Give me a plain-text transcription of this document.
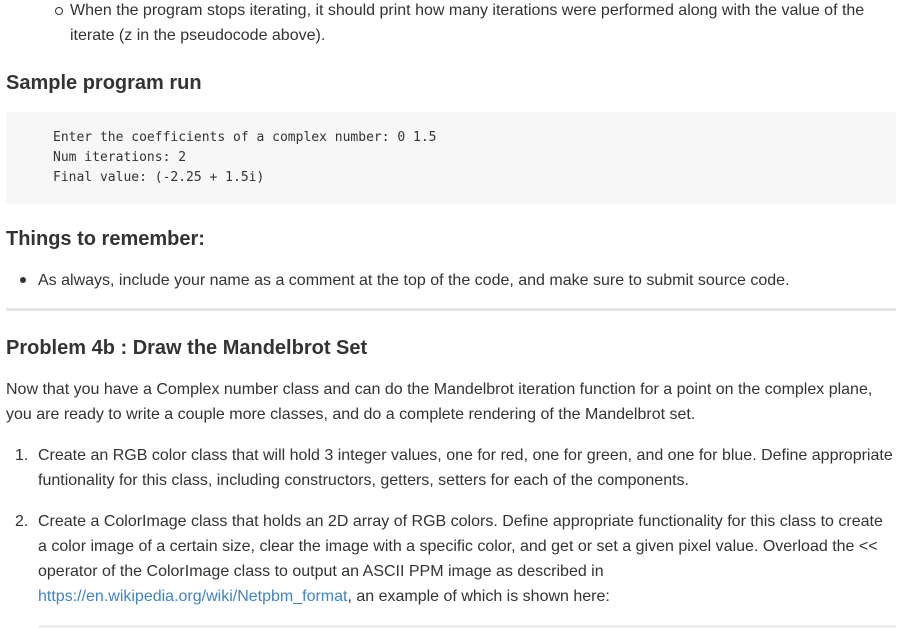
When the program stops iterating, it should print how many iterations were performed along with the value of the iterate (z in the pseudocode above).
Sample program run
Enter the coefficients of a complex number: 0 1.5
Num iterations: 2
Final value: (-2.25 + 1.5i)
Things to remember:
As always, include your name as a comment at the top of the code, and make sure to submit source code.
Problem 4b : Draw the Mandelbrot Set
Now that you have a Complex number class and can do the Mandelbrot iteration function for a point on the complex plane, you are ready to write a couple more classes, and do a complete rendering of the Mandelbrot set.
1. Create an RGB color class that will hold 3 integer values, one for red, one for green, and one for blue. Define appropriate funtionality for this class, including constructors, getters, setters for each of the components.
2. Create a ColorImage class that holds an 2D array of RGB colors. Define appropriate functionality for this class to create a color image of a certain size, clear the image with a specific color, and get or set a given pixel value. Overload the << operator of the ColorImage class to output an ASCII PPM image as described in
https://en.wikipedia.org/wiki/Netpbm_format, an example of which is shown here:
